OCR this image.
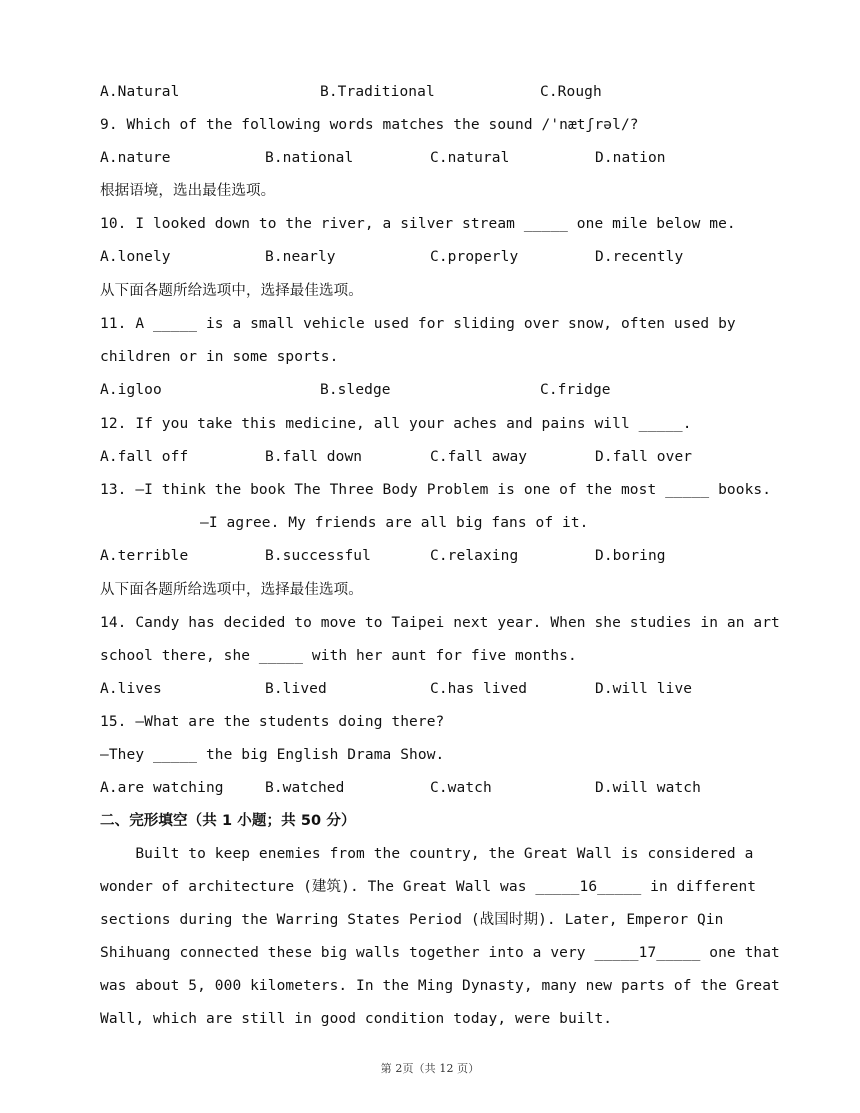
A.Natural	B.Traditional	C.Rough
9. Which of the following words matches the sound /'nætʃrəl/?
A.nature	B.national	C.natural	D.nation
根据语境，选出最佳选项。
10. I looked down to the river, a silver stream _____ one mile below me.
A.lonely	B.nearly	C.properly	D.recently
从下面各题所给选项中，选择最佳选项。
11. A _____ is a small vehicle used for sliding over snow, often used by
children or in some sports.
A.igloo	B.sledge	C.fridge
12. If you take this medicine, all your aches and pains will _____.
A.fall off	B.fall down	C.fall away	D.fall over
13. —I think the book The Three Body Problem is one of the most _____ books.
—I agree. My friends are all big fans of it.
A.terrible	B.successful	C.relaxing	D.boring
从下面各题所给选项中，选择最佳选项。
14. Candy has decided to move to Taipei next year. When she studies in an art
school there, she _____ with her aunt for five months.
A.lives	B.lived	C.has lived	D.will live
15. —What are the students doing there?
—They _____ the big English Drama Show.
A.are watching	B.watched	C.watch	D.will watch
二、完形填空（共 1 小题；共 50 分）
Built to keep enemies from the country, the Great Wall is considered a
wonder of architecture (建筑). The Great Wall was _____16_____ in different
sections during the Warring States Period (战国时期). Later, Emperor Qin
Shihuang connected these big walls together into a very _____17_____ one that
was about 5, 000 kilometers. In the Ming Dynasty, many new parts of the Great
Wall, which are still in good condition today, were built.
第 2页（共 12 页）
